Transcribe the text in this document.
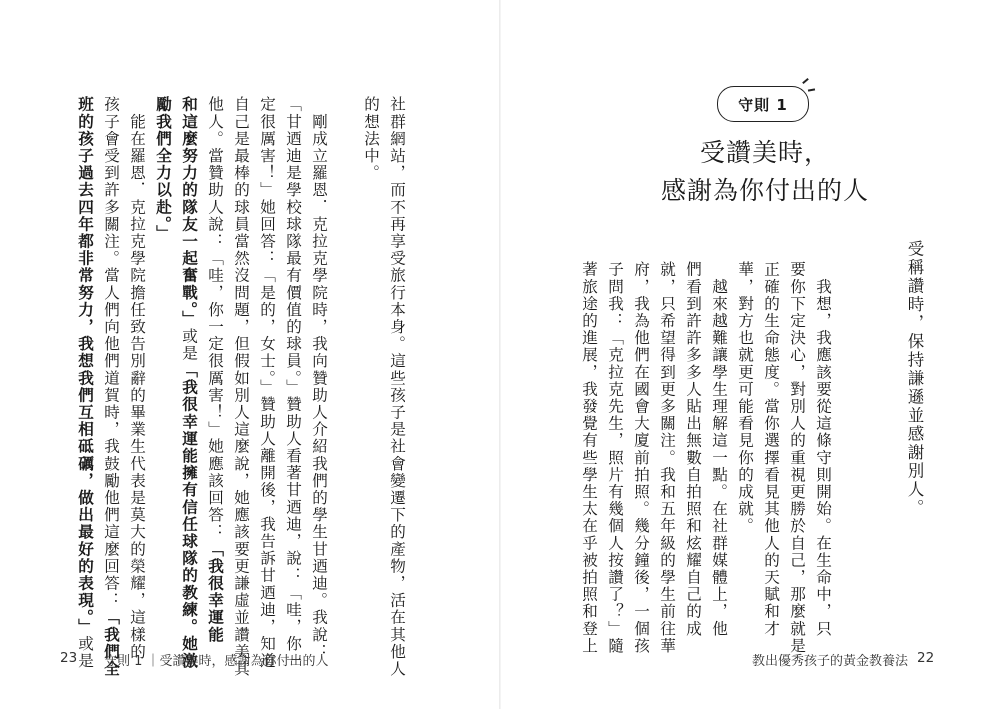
社群網站，而不再享受旅行本身。這些孩子是社會變遷下的產物，活在其他人
的想法中。

　剛成立羅恩．克拉克學院時，我向贊助人介紹我們的學生甘迺迪。我說：
「甘迺迪是學校球隊最有價值的球員。」贊助人看著甘迺迪，說：「哇，你一
定很厲害！」她回答：「是的，女士。」贊助人離開後，我告訴甘迺迪，知道
自己是最棒的球員當然沒問題，但假如別人這麼說，她應該要更謙虛並讚美其
他人。當贊助人說：「哇，你一定很厲害！」她應該回答：「我很幸運能
和這麼努力的隊友一起奮戰。」或是「我很幸運能擁有信任球隊的教練。她激
勵我們全力以赴。」
　能在羅恩．克拉克學院擔任致告別辭的畢業生代表是莫大的榮耀，這樣的
孩子會受到許多關注。當人們向他們道賀時，我鼓勵他們這麼回答：「我們全
班的孩子過去四年都非常努力，我想我們互相砥礪，做出最好的表現。」或是
守則 1
受讚美時，
感謝為你付出的人
受稱讚時，保持謙遜並感謝別人。
　我想，我應該要從這條守則開始。在生命中，只
要你下定決心，對別人的重視更勝於自己，那麼就是
正確的生命態度。當你選擇看見其他人的天賦和才
華，對方也就更可能看見你的成就。
　越來越難讓學生理解這一點。在社群媒體上，他
們看到許許多多人貼出無數自拍照和炫耀自己的成
就，只希望得到更多關注。我和五年級的學生前往華
府，我為他們在國會大廈前拍照。幾分鐘後，一個孩
子問我：「克拉克先生，照片有幾個人按讚了？」隨
著旅途的進展，我發覺有些學生太在乎被拍照和登上
23 守則 1 ｜受讚美時，感謝為你付出的人	教出優秀孩子的黃金教養法 22
